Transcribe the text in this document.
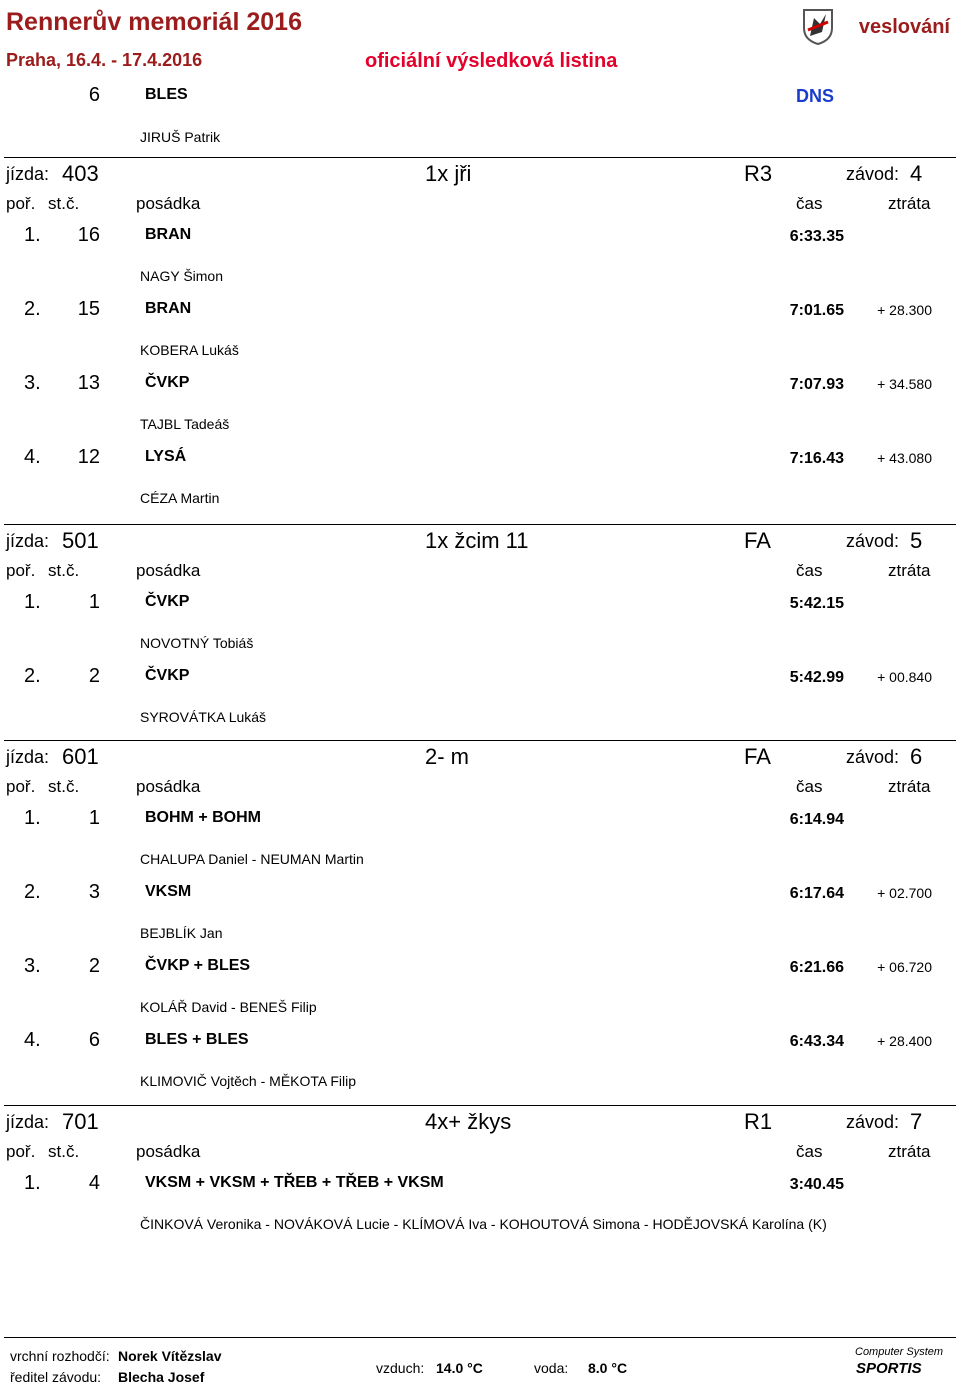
Rennerův memoriál 2016
Praha, 16.4. - 17.4.2016	oficiální výsledková listina
veslování
6	BLES	DNS
JIRUŠ Patrik
jízda: 403	1x jři	R3	závod: 4
poř. st.č.	posádka	čas	ztráta
1.	16	BRAN	6:33.35
NAGY Šimon
2.	15	BRAN	7:01.65	+ 28.300
KOBERA Lukáš
3.	13	ČVKP	7:07.93	+ 34.580
TAJBL Tadeáš
4.	12	LYSÁ	7:16.43	+ 43.080
CÉZA Martin
jízda: 501	1x žcim 11	FA	závod: 5
poř. st.č.	posádka	čas	ztráta
1.	1	ČVKP	5:42.15
NOVOTNÝ Tobiáš
2.	2	ČVKP	5:42.99	+ 00.840
SYROVÁTKA Lukáš
jízda: 601	2- m	FA	závod: 6
poř. st.č.	posádka	čas	ztráta
1.	1	BOHM + BOHM	6:14.94
CHALUPA Daniel - NEUMAN Martin
2.	3	VKSM	6:17.64	+ 02.700
BEJBLÍK Jan
3.	2	ČVKP + BLES	6:21.66	+ 06.720
KOLÁŘ David - BENEŠ Filip
4.	6	BLES + BLES	6:43.34	+ 28.400
KLIMOVIČ Vojtěch - MĚKOTA Filip
jízda: 701	4x+ žkys	R1	závod: 7
poř. st.č.	posádka	čas	ztráta
1.	4	VKSM + VKSM + TŘEB + TŘEB + VKSM	3:40.45
ČINKOVÁ Veronika - NOVÁKOVÁ Lucie - KLÍMOVÁ Iva - KOHOUTOVÁ Simona - HODĚJOVSKÁ Karolína (K)
vrchní rozhodčí: Norek Vítězslav
ředitel závodu: Blecha Josef
vzduch: 14.0 °C	voda: 8.0 °C
Computer System
SPORTIS
